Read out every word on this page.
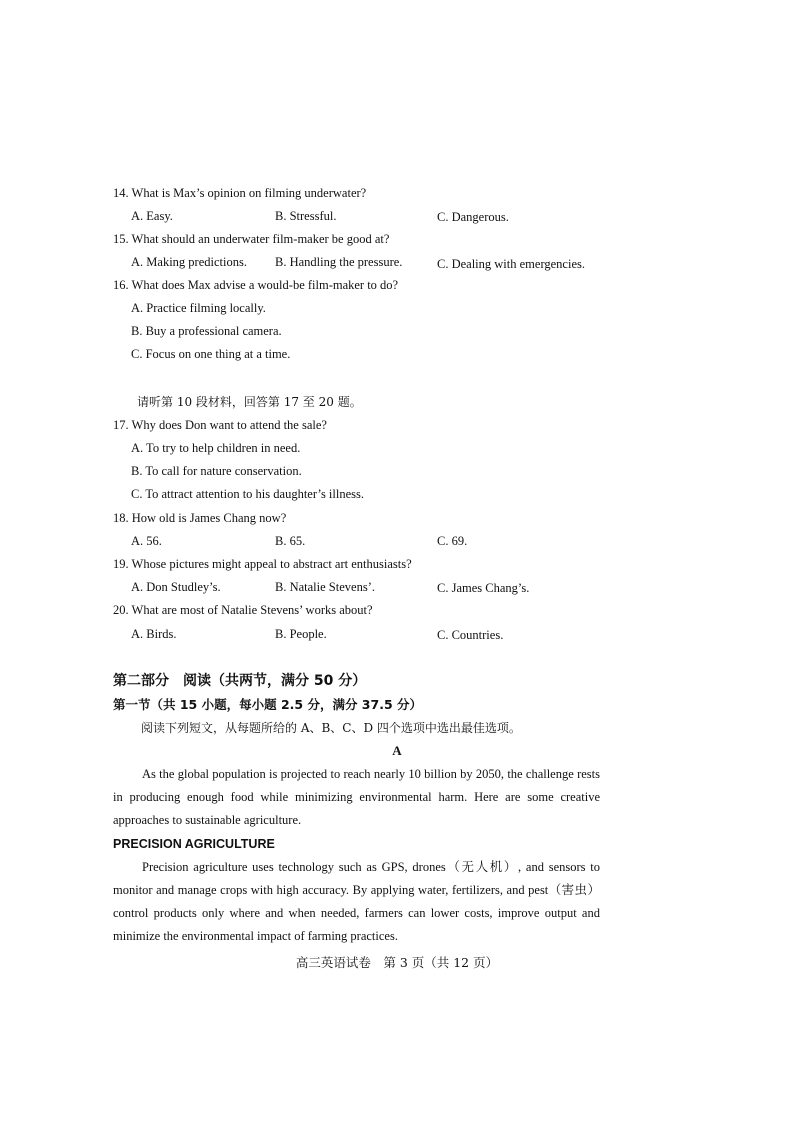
14. What is Max’s opinion on filming underwater?
A. Easy.	B. Stressful.	C. Dangerous.
15. What should an underwater film-maker be good at?
A. Making predictions. B. Handling the pressure.	C. Dealing with emergencies.
16. What does Max advise a would-be film-maker to do?
A. Practice filming locally.
B. Buy a professional camera.
C. Focus on one thing at a time.
请听第 10 段材料，回答第 17 至 20 题。
17. Why does Don want to attend the sale?
A. To try to help children in need.
B. To call for nature conservation.
C. To attract attention to his daughter’s illness.
18. How old is James Chang now?
A. 56.	B. 65.	C. 69.
19. Whose pictures might appeal to abstract art enthusiasts?
A. Don Studley’s.	B. Natalie Stevens’.	C. James Chang’s.
20. What are most of Natalie Stevens’ works about?
A. Birds.	B. People.	C. Countries.
第二部分　阅读（共两节，满分 50 分）
第一节（共 15 小题，每小题 2.5 分，满分 37.5 分）
阅读下列短文，从每题所给的 A、B、C、D 四个选项中选出最佳选项。
A
As the global population is projected to reach nearly 10 billion by 2050, the challenge rests in producing enough food while minimizing environmental harm. Here are some creative approaches to sustainable agriculture.
PRECISION AGRICULTURE
Precision agriculture uses technology such as GPS, drones（无人机）, and sensors to monitor and manage crops with high accuracy. By applying water, fertilizers, and pest（害虫）control products only where and when needed, farmers can lower costs, improve output and minimize the environmental impact of farming practices.
高三英语试卷　第 3 页（共 12 页）
